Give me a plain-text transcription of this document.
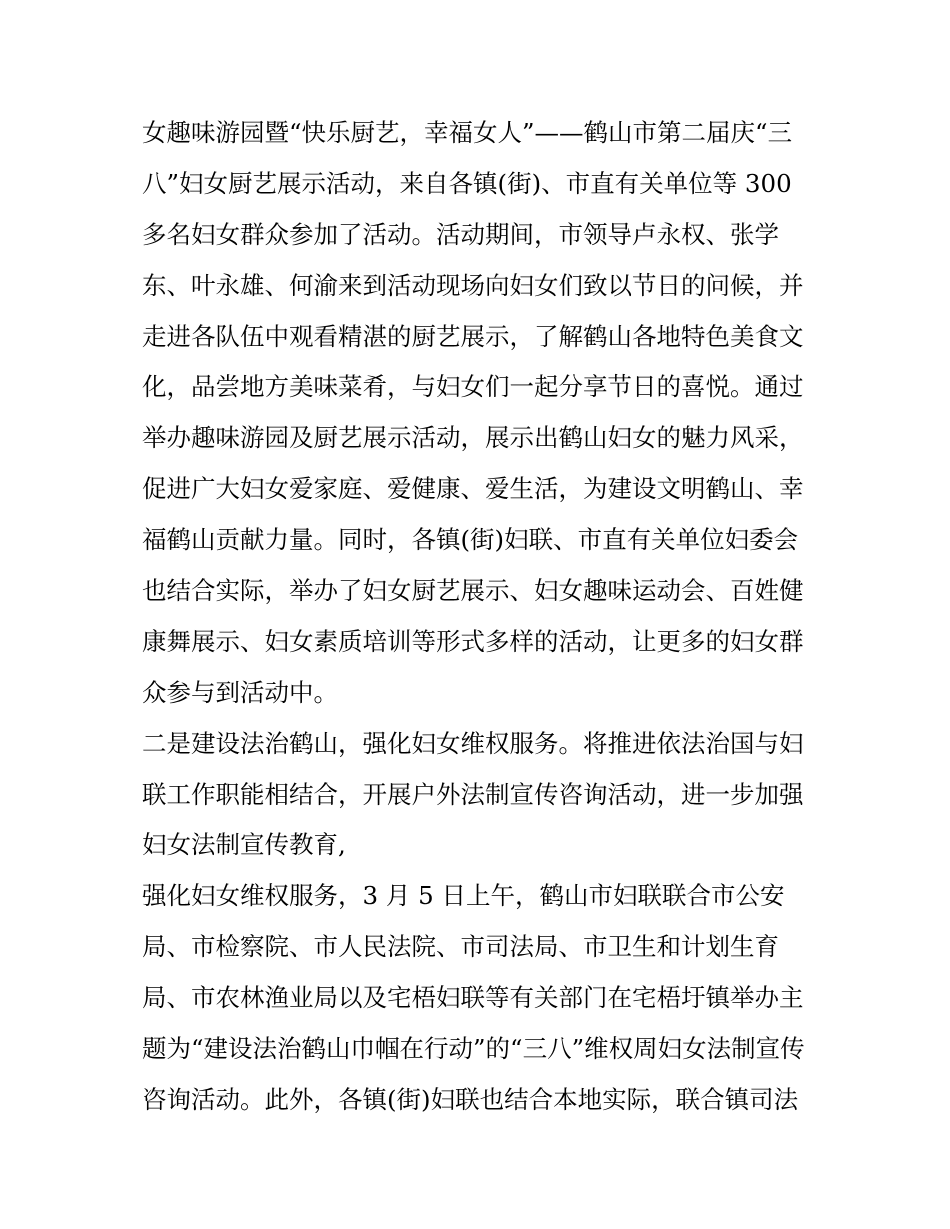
女趣味游园暨“快乐厨艺，幸福女人”——鹤山市第二届庆“三
八”妇女厨艺展示活动，来自各镇(街)、市直有关单位等 300
多名妇女群众参加了活动。活动期间，市领导卢永权、张学
东、叶永雄、何渝来到活动现场向妇女们致以节日的问候，并
走进各队伍中观看精湛的厨艺展示，了解鹤山各地特色美食文
化，品尝地方美味菜肴，与妇女们一起分享节日的喜悦。通过
举办趣味游园及厨艺展示活动，展示出鹤山妇女的魅力风采，
促进广大妇女爱家庭、爱健康、爱生活，为建设文明鹤山、幸
福鹤山贡献力量。同时，各镇(街)妇联、市直有关单位妇委会
也结合实际，举办了妇女厨艺展示、妇女趣味运动会、百姓健
康舞展示、妇女素质培训等形式多样的活动，让更多的妇女群
众参与到活动中。
二是建设法治鹤山，强化妇女维权服务。将推进依法治国与妇
联工作职能相结合，开展户外法制宣传咨询活动，进一步加强
妇女法制宣传教育,
强化妇女维权服务，3 月 5 日上午，鹤山市妇联联合市公安
局、市检察院、市人民法院、市司法局、市卫生和计划生育
局、市农林渔业局以及宅梧妇联等有关部门在宅梧圩镇举办主
题为“建设法治鹤山巾帼在行动”的“三八”维权周妇女法制宣传
咨询活动。此外，各镇(街)妇联也结合本地实际，联合镇司法
